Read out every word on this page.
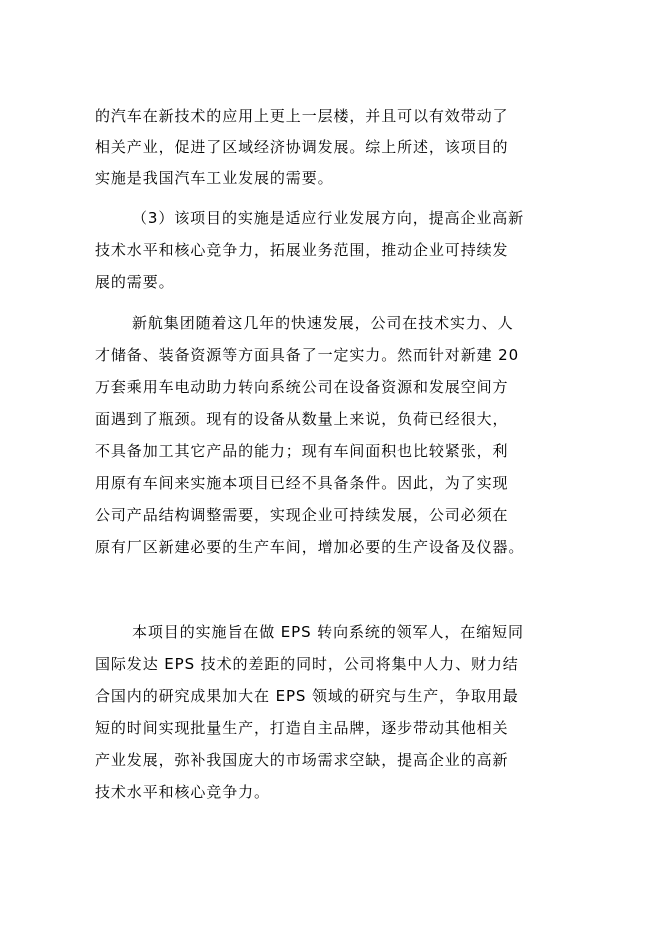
的汽车在新技术的应用上更上一层楼，并且可以有效带动了
相关产业，促进了区域经济协调发展。综上所述，该项目的
实施是我国汽车工业发展的需要。
（3）该项目的实施是适应行业发展方向，提高企业高新
技术水平和核心竞争力，拓展业务范围，推动企业可持续发
展的需要。
新航集团随着这几年的快速发展，公司在技术实力、人
才储备、装备资源等方面具备了一定实力。然而针对新建 20
万套乘用车电动助力转向系统公司在设备资源和发展空间方
面遇到了瓶颈。现有的设备从数量上来说，负荷已经很大，
不具备加工其它产品的能力；现有车间面积也比较紧张，利
用原有车间来实施本项目已经不具备条件。因此，为了实现
公司产品结构调整需要，实现企业可持续发展，公司必须在
原有厂区新建必要的生产车间，增加必要的生产设备及仪器。
本项目的实施旨在做 EPS 转向系统的领军人，在缩短同
国际发达 EPS 技术的差距的同时，公司将集中人力、财力结
合国内的研究成果加大在 EPS 领域的研究与生产，争取用最
短的时间实现批量生产，打造自主品牌，逐步带动其他相关
产业发展，弥补我国庞大的市场需求空缺，提高企业的高新
技术水平和核心竞争力。
